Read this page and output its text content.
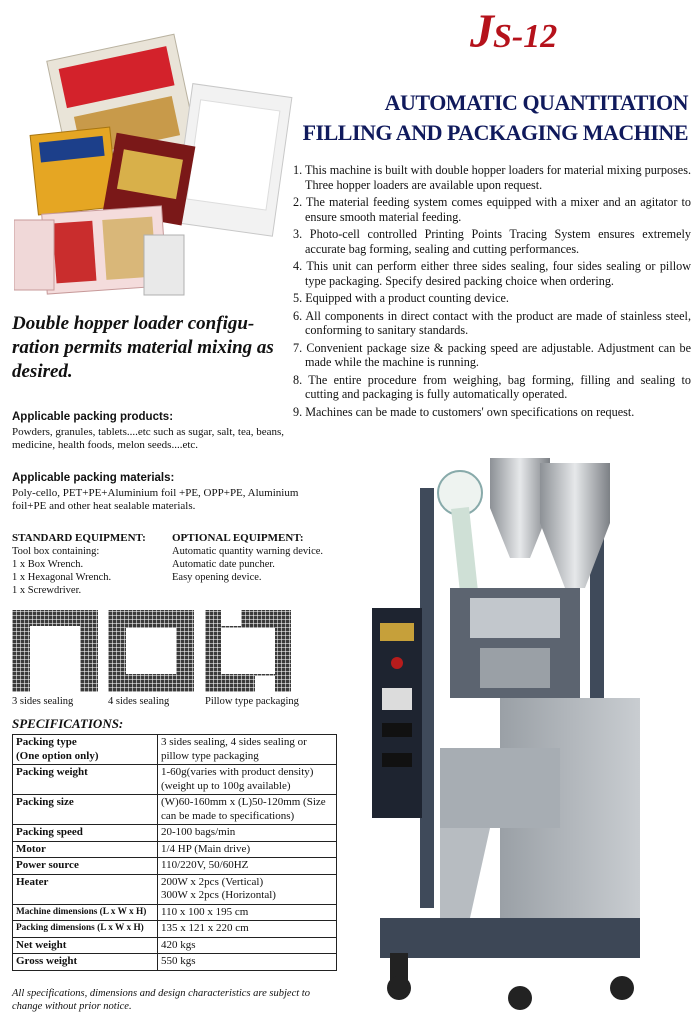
JS-12
AUTOMATIC QUANTITATION
FILLING AND PACKAGING MACHINE
Double hopper loader configu-ration permits material mixing as desired.
1. This machine is built with double hopper loaders for material mixing purposes. Three hopper loaders are available upon request.
2. The material feeding system comes equipped with a mixer and an agitator to ensure smooth material feeding.
3. Photo-cell controlled Printing Points Tracing System ensures extremely accurate bag forming, sealing and cutting performances.
4. This unit can perform either three sides sealing, four sides sealing or pillow type packaging. Specify desired packing choice when ordering.
5. Equipped with a product counting device.
6. All components in direct contact with the product are made of stainless steel, conforming to sanitary standards.
7. Convenient package size & packing speed are adjustable. Adjustment can be made while the machine is running.
8. The entire procedure from weighing, bag forming, filling and sealing to cutting and packaging is fully automatically operated.
9. Machines can be made to customers' own specifications on request.
Applicable packing products:

Powders, granules, tablets....etc such as sugar, salt, tea, beans, medicine, health foods, melon seeds....etc.

Applicable packing materials:

Poly-cello, PET+PE+Aluminium foil +PE, OPP+PE, Aluminium foil+PE and other heat sealable materials.

STANDARD EQUIPMENT:
Tool box containing:
1 x Box Wrench.
1 x Hexagonal Wrench.
1 x Screwdriver.
OPTIONAL EQUIPMENT:
Automatic quantity warning device.
Automatic date puncher.
Easy opening device.
3 sides sealing	4 sides sealing	Pillow type packaging
SPECIFICATIONS:
Packing type
(One option only)	3 sides sealing, 4 sides sealing or pillow type packaging
Packing weight	1-60g(varies with product density) (weight up to 100g available)
Packing size	(W)60-160mm x (L)50-120mm (Size can be made to specifications)
Packing speed	20-100 bags/min
Motor	1/4 HP (Main drive)
Power source	110/220V, 50/60HZ
Heater	200W x 2pcs (Vertical)
300W x 2pcs (Horizontal)

Machine dimensions (L x W x H)	110 x 100 x 195 cm
Packing dimensions (L x W x H)	135 x 121 x 220 cm
Net weight	420 kgs
Gross weight	550 kgs
All specifications, dimensions and design characteristics are subject to change without prior notice.
